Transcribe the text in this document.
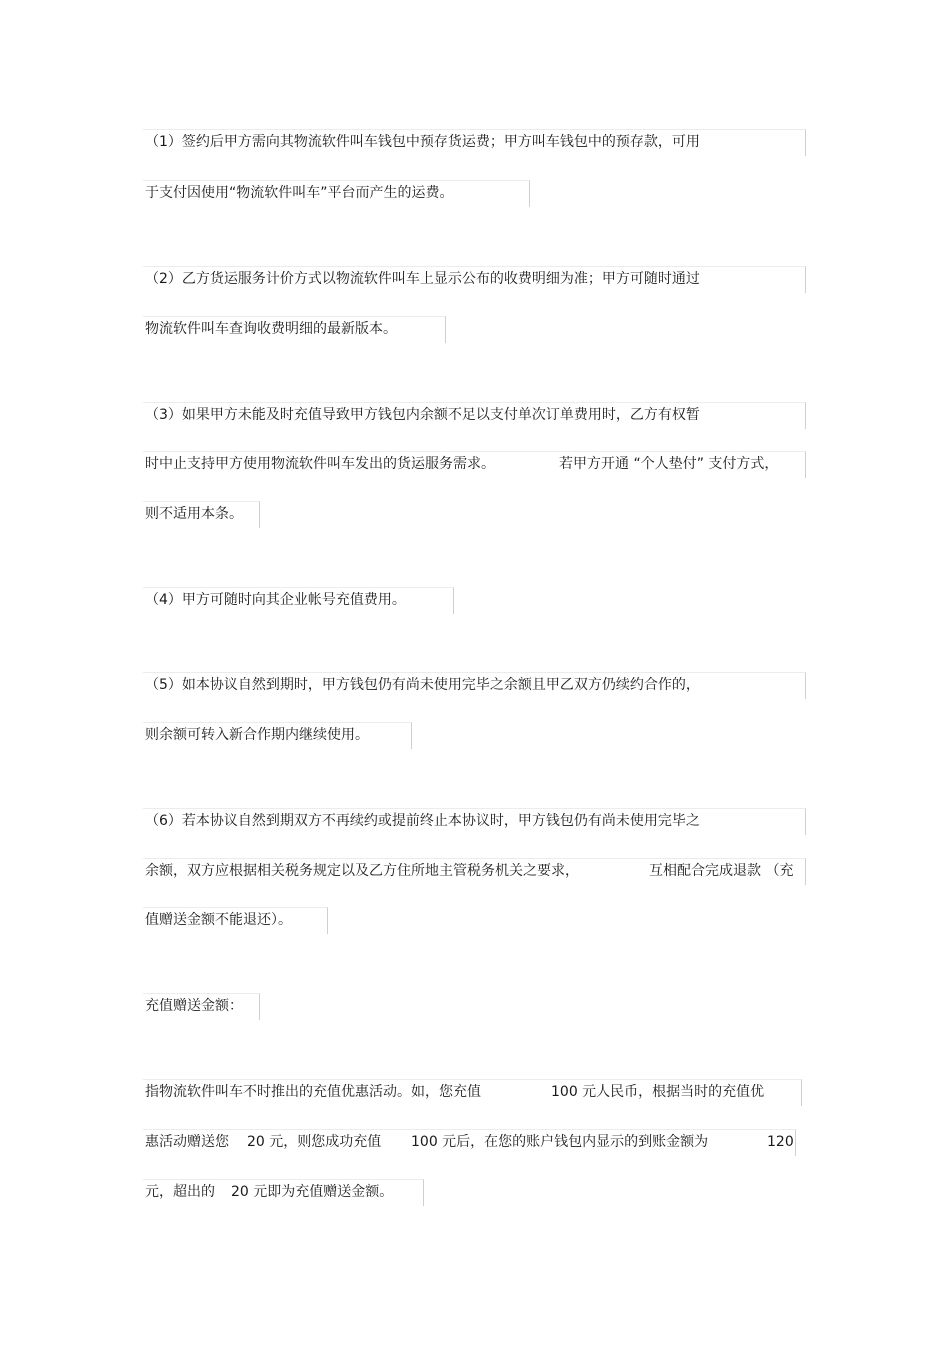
（1）签约后甲方需向其物流软件叫车钱包中预存货运费；甲方叫车钱包中的预存款，可用
于支付因使用“物流软件叫车”平台而产生的运费。
（2）乙方货运服务计价方式以物流软件叫车上显示公布的收费明细为准；甲方可随时通过
物流软件叫车查询收费明细的最新版本。
（3）如果甲方未能及时充值导致甲方钱包内余额不足以支付单次订单费用时，乙方有权暂
时中止支持甲方使用物流软件叫车发出的货运服务需求。	若甲方开通 “个人垫付” 支付方式，
则不适用本条。
（4）甲方可随时向其企业帐号充值费用。
（5）如本协议自然到期时，甲方钱包仍有尚未使用完毕之余额且甲乙双方仍续约合作的，
则余额可转入新合作期内继续使用。
（6）若本协议自然到期双方不再续约或提前终止本协议时，甲方钱包仍有尚未使用完毕之
余额，双方应根据相关税务规定以及乙方住所地主管税务机关之要求，	互相配合完成退款 （充
值赠送金额不能退还）。
充值赠送金额：
指物流软件叫车不时推出的充值优惠活动。如，您充值	100 元人民币，根据当时的充值优
惠活动赠送您 20 元，则您成功充值 100 元后，在您的账户钱包内显示的到账金额为	120
元，超出的 20 元即为充值赠送金额。
